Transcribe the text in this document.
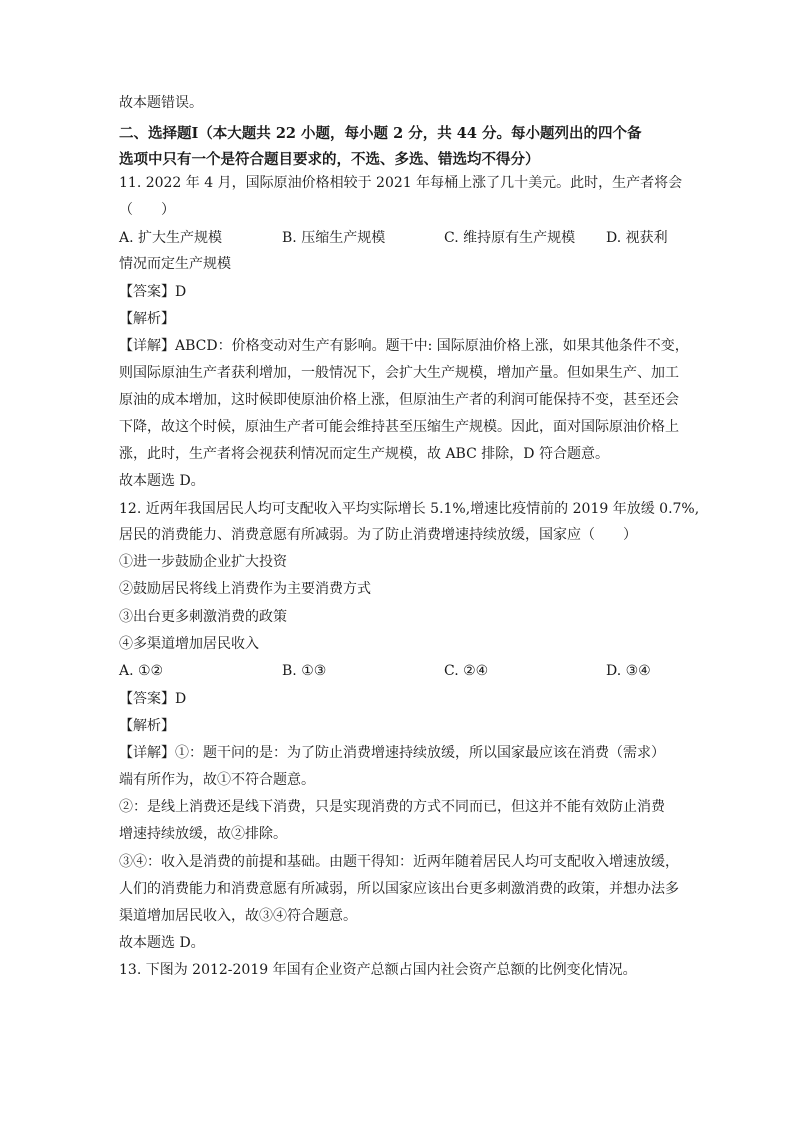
故本题错误。
二、选择题Ⅰ（本大题共 22 小题，每小题 2 分，共 44 分。每小题列出的四个备
选项中只有一个是符合题目要求的，不选、多选、错选均不得分）
11. 2022 年 4 月，国际原油价格相较于 2021 年每桶上涨了几十美元。此时，生产者将会
（　　）
A. 扩大生产规模	B. 压缩生产规模	C. 维持原有生产规模 D. 视获利
情况而定生产规模
【答案】D
【解析】
【详解】ABCD：价格变动对生产有影响。题干中: 国际原油价格上涨，如果其他条件不变，
则国际原油生产者获利增加，一般情况下，会扩大生产规模，增加产量。但如果生产、加工
原油的成本增加，这时候即使原油价格上涨，但原油生产者的利润可能保持不变，甚至还会
下降，故这个时候，原油生产者可能会维持甚至压缩生产规模。因此，面对国际原油价格上
涨，此时，生产者将会视获利情况而定生产规模，故 ABC 排除，D 符合题意。
故本题选 D。
12. 近两年我国居民人均可支配收入平均实际增长 5.1%,增速比疫情前的 2019 年放缓 0.7%,
居民的消费能力、消费意愿有所减弱。为了防止消费增速持续放缓，国家应（　　）
①进一步鼓励企业扩大投资
②鼓励居民将线上消费作为主要消费方式
③出台更多刺激消费的政策
④多渠道增加居民收入
A. ①②	B. ①③	C. ②④	D. ③④
【答案】D
【解析】
【详解】①：题干问的是：为了防止消费增速持续放缓，所以国家最应该在消费（需求）
端有所作为，故①不符合题意。
②：是线上消费还是线下消费，只是实现消费的方式不同而已，但这并不能有效防止消费
增速持续放缓，故②排除。
③④：收入是消费的前提和基础。由题干得知：近两年随着居民人均可支配收入增速放缓，
人们的消费能力和消费意愿有所减弱，所以国家应该出台更多刺激消费的政策，并想办法多
渠道增加居民收入，故③④符合题意。
故本题选 D。
13. 下图为 2012-2019 年国有企业资产总额占国内社会资产总额的比例变化情况。
